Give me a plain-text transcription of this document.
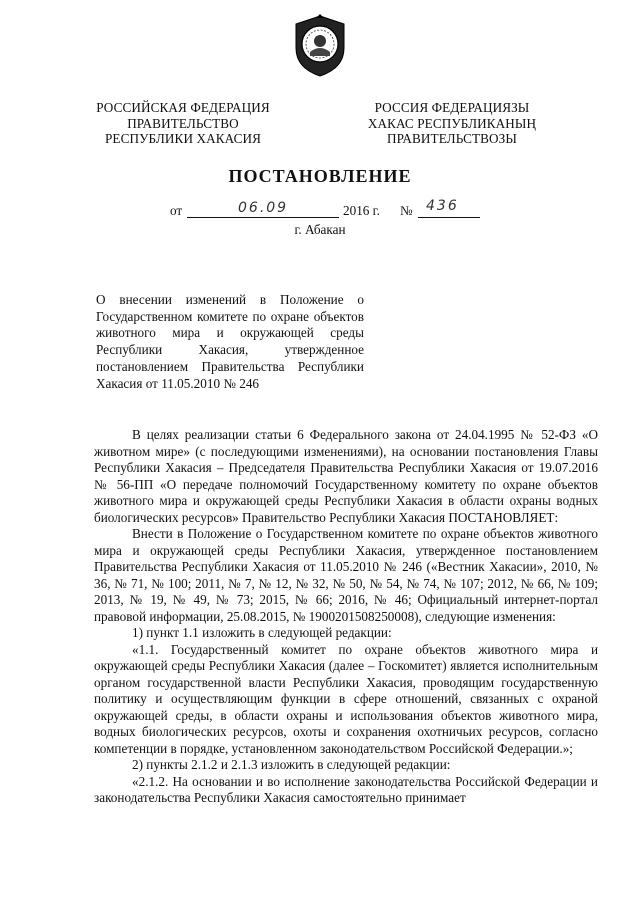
РОССИЙСКАЯ ФЕДЕРАЦИЯ
ПРАВИТЕЛЬСТВО
РЕСПУБЛИКИ ХАКАСИЯ
РОССИЯ ФЕДЕРАЦИЯЗЫ
ХАКАС РЕСПУБЛИКАНЫҢ
ПРАВИТЕЛЬСТВОЗЫ
ПОСТАНОВЛЕНИЕ
от	06.09	2016 г. № 436
г. Абакан

О внесении изменений в Положение о Государственном комитете по охране объектов животного мира и окружающей среды Республики Хакасия, утвержденное постановлением Правительства Республики Хакасия от 11.05.2010 № 246

В целях реализации статьи 6 Федерального закона от 24.04.1995 № 52-ФЗ «О животном мире» (с последующими изменениями), на основании постановления Главы Республики Хакасия – Председателя Правительства Республики Хакасия от 19.07.2016 № 56-ПП «О передаче полномочий Государственному комитету по охране объектов животного мира и окружающей среды Республики Хакасия в области охраны водных биологических ресурсов» Правительство Республики Хакасия ПОСТАНОВЛЯЕТ:

Внести в Положение о Государственном комитете по охране объектов животного мира и окружающей среды Республики Хакасия, утвержденное постановлением Правительства Республики Хакасия от 11.05.2010 № 246 («Вестник Хакасии», 2010, № 36, № 71, № 100; 2011, № 7, № 12, № 32, № 50, № 54, № 74, № 107; 2012, № 66, № 109; 2013, № 19, № 49, № 73; 2015, № 66; 2016, № 46; Официальный интернет-портал правовой информации, 25.08.2015, № 1900201508250008), следующие изменения:

1) пункт 1.1 изложить в следующей редакции:

«1.1. Государственный комитет по охране объектов животного мира и окружающей среды Республики Хакасия (далее – Госкомитет) является исполнительным органом государственной власти Республики Хакасия, проводящим государственную политику и осуществляющим функции в сфере отношений, связанных с охраной окружающей среды, в области охраны и использования объектов животного мира, водных биологических ресурсов, охоты и сохранения охотничьих ресурсов, согласно компетенции в порядке, установленном законодательством Российской Федерации.»;

2) пункты 2.1.2 и 2.1.3 изложить в следующей редакции:

«2.1.2. На основании и во исполнение законодательства Российской Федерации и законодательства Республики Хакасия самостоятельно принимает
